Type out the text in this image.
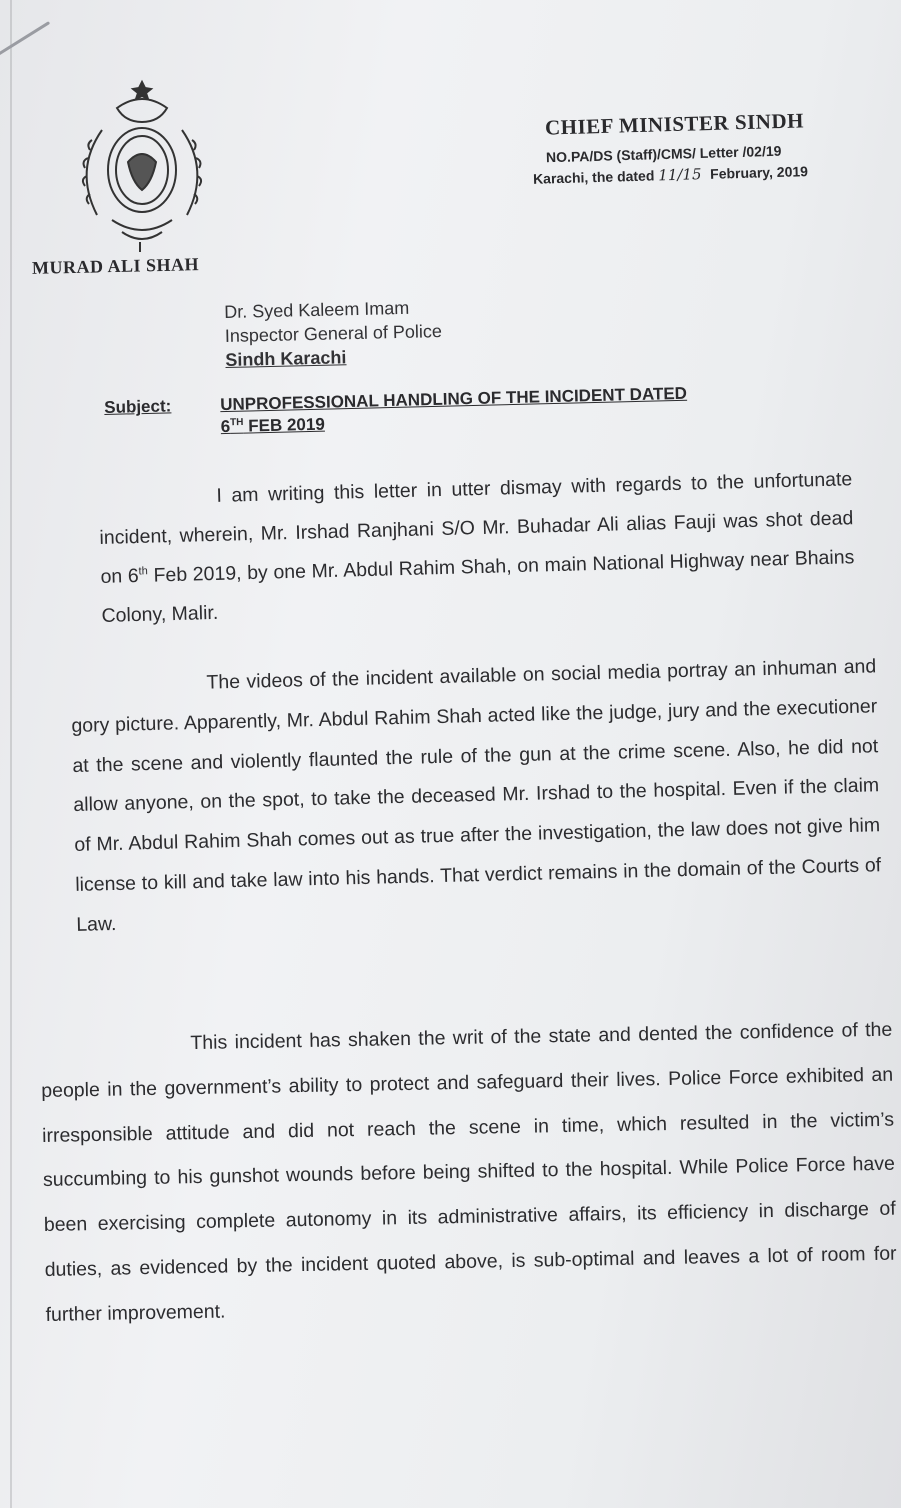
MURAD ALI SHAH
CHIEF MINISTER SINDH
NO.PA/DS (Staff)/CMS/ Letter /02/19
Karachi, the dated 11/15 February, 2019
Dr. Syed Kaleem Imam
Inspector General of Police
Sindh Karachi
Subject:	UNPROFESSIONAL HANDLING OF THE INCIDENT DATED
6TH FEB 2019
I am writing this letter in utter dismay with regards to the unfortunate incident, wherein, Mr. Irshad Ranjhani S/O Mr. Buhadar Ali alias Fauji was shot dead on 6th Feb 2019, by one Mr. Abdul Rahim Shah, on main National Highway near Bhains Colony, Malir.
The videos of the incident available on social media portray an inhuman and gory picture. Apparently, Mr. Abdul Rahim Shah acted like the judge, jury and the executioner at the scene and violently flaunted the rule of the gun at the crime scene. Also, he did not allow anyone, on the spot, to take the deceased Mr. Irshad to the hospital. Even if the claim of Mr. Abdul Rahim Shah comes out as true after the investigation, the law does not give him license to kill and take law into his hands. That verdict remains in the domain of the Courts of Law.
This incident has shaken the writ of the state and dented the confidence of the people in the government’s ability to protect and safeguard their lives. Police Force exhibited an irresponsible attitude and did not reach the scene in time, which resulted in the victim’s succumbing to his gunshot wounds before being shifted to the hospital. While Police Force have been exercising complete autonomy in its administrative affairs, its efficiency in discharge of duties, as evidenced by the incident quoted above, is sub-optimal and leaves a lot of room for further improvement.
